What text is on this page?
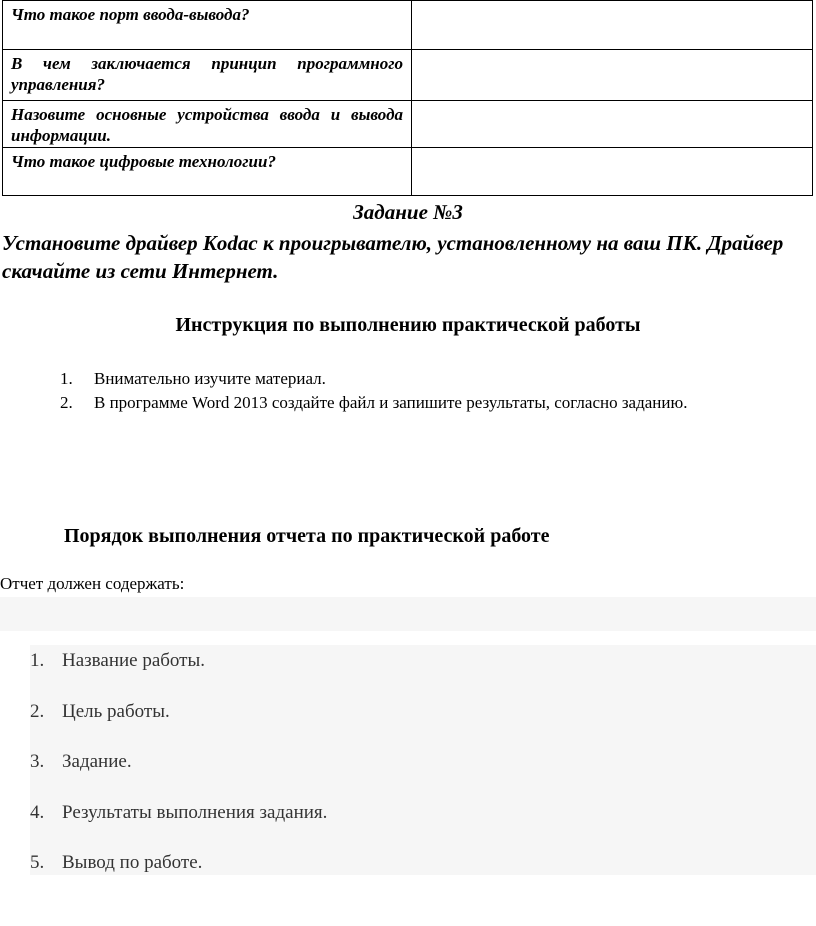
Что такое порт ввода-вывода?	
В чем заключается принцип программного управления?	
Назовите основные устройства ввода и вывода информации.	
Что такое цифровые технологии?	
Задание №3
Установите драйвер Kodac к проигрывателю, установленному на ваш ПК. Драйвер скачайте из сети Интернет.
Инструкция по выполнению практической работы
1. Внимательно изучите материал.
2. В программе Word 2013 создайте файл и запишите результаты, согласно заданию.
Порядок выполнения отчета по практической работе
Отчет должен содержать:
1. Название работы.
2. Цель работы.
3. Задание.
4. Результаты выполнения задания.
5. Вывод по работе.
